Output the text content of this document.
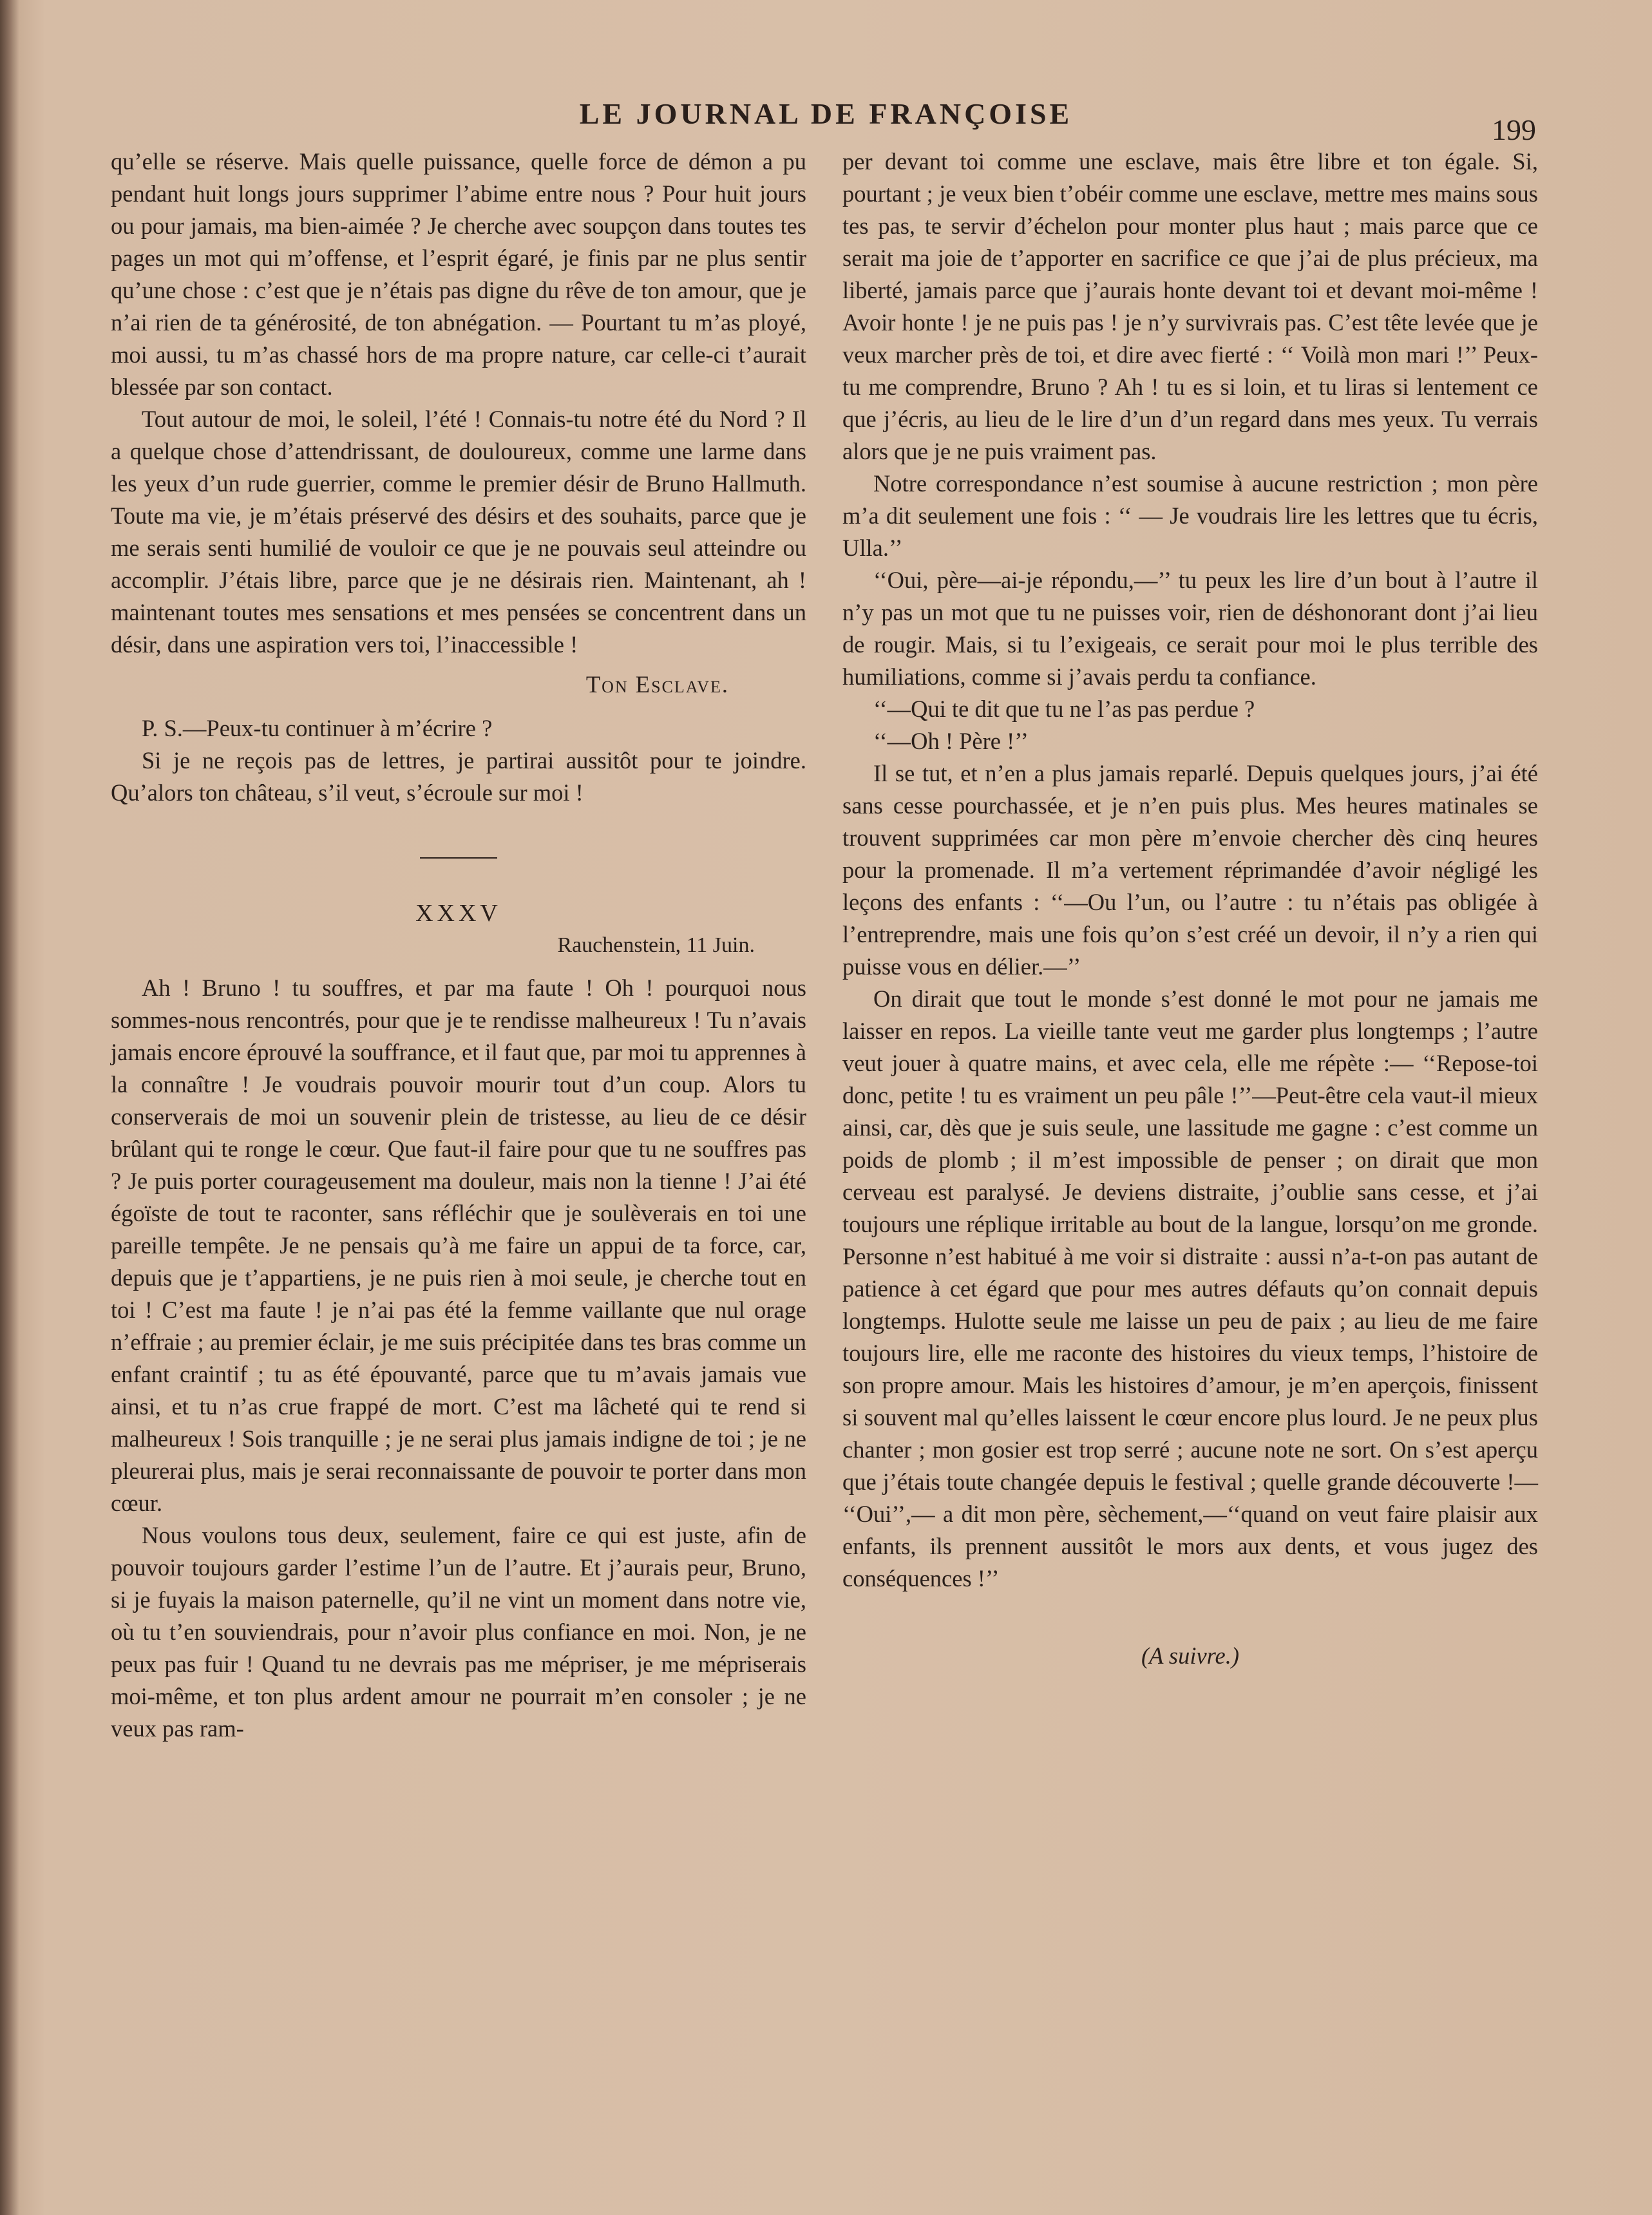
LE JOURNAL DE FRANÇOISE	199

qu’elle se réserve. Mais quelle puissance, quelle force de démon a pu pendant huit longs jours supprimer l’abime entre nous ? Pour huit jours ou pour jamais, ma bien-aimée ? Je cherche avec soupçon dans toutes tes pages un mot qui m’offense, et l’esprit égaré, je finis par ne plus sentir qu’une chose : c’est que je n’étais pas digne du rêve de ton amour, que je n’ai rien de ta générosité, de ton abnégation. — Pourtant tu m’as ployé, moi aussi, tu m’as chassé hors de ma propre nature, car celle-ci t’aurait blessée par son contact.

Tout autour de moi, le soleil, l’été ! Connais-tu notre été du Nord ? Il a quelque chose d’attendrissant, de douloureux, comme une larme dans les yeux d’un rude guerrier, comme le premier désir de Bruno Hallmuth. Toute ma vie, je m’étais préservé des désirs et des souhaits, parce que je me serais senti humilié de vouloir ce que je ne pouvais seul atteindre ou accomplir. J’étais libre, parce que je ne désirais rien. Maintenant, ah ! maintenant toutes mes sensations et mes pensées se concentrent dans un désir, dans une aspiration vers toi, l’inaccessible !

Ton Esclave.

P. S.—Peux-tu continuer à m’écrire ?

Si je ne reçois pas de lettres, je partirai aussitôt pour te joindre. Qu’alors ton château, s’il veut, s’écroule sur moi !

XXXV

Rauchenstein, 11 Juin.

Ah ! Bruno ! tu souffres, et par ma faute ! Oh ! pourquoi nous sommes-nous rencontrés, pour que je te rendisse malheureux ! Tu n’avais jamais encore éprouvé la souffrance, et il faut que, par moi tu apprennes à la connaître ! Je voudrais pouvoir mourir tout d’un coup. Alors tu conserverais de moi un souvenir plein de tristesse, au lieu de ce désir brûlant qui te ronge le cœur. Que faut-il faire pour que tu ne souffres pas ? Je puis porter courageusement ma douleur, mais non la tienne ! J’ai été égoïste de tout te raconter, sans réfléchir que je soulèverais en toi une pareille tempête. Je ne pensais qu’à me faire un appui de ta force, car, depuis que je t’appartiens, je ne puis rien à moi seule, je cherche tout en toi ! C’est ma faute ! je n’ai pas été la femme vaillante que nul orage n’effraie ; au premier éclair, je me suis précipitée dans tes bras comme un enfant craintif ; tu as été épouvanté, parce que tu m’avais jamais vue ainsi, et tu n’as crue frappé de mort. C’est ma lâcheté qui te rend si malheureux ! Sois tranquille ; je ne serai plus jamais indigne de toi ; je ne pleurerai plus, mais je serai reconnaissante de pouvoir te porter dans mon cœur.

Nous voulons tous deux, seulement, faire ce qui est juste, afin de pouvoir toujours garder l’estime l’un de l’autre. Et j’aurais peur, Bruno, si je fuyais la maison paternelle, qu’il ne vint un moment dans notre vie, où tu t’en souviendrais, pour n’avoir plus confiance en moi. Non, je ne peux pas fuir ! Quand tu ne devrais pas me mépriser, je me mépriserais moi-même, et ton plus ardent amour ne pourrait m’en consoler ; je ne veux pas ram-

per devant toi comme une esclave, mais être libre et ton égale. Si, pourtant ; je veux bien t’obéir comme une esclave, mettre mes mains sous tes pas, te servir d’échelon pour monter plus haut ; mais parce que ce serait ma joie de t’apporter en sacrifice ce que j’ai de plus précieux, ma liberté, jamais parce que j’aurais honte devant toi et devant moi-même ! Avoir honte ! je ne puis pas ! je n’y survivrais pas. C’est tête levée que je veux marcher près de toi, et dire avec fierté : ‘‘ Voilà mon mari !’’ Peux-tu me comprendre, Bruno ? Ah ! tu es si loin, et tu liras si lentement ce que j’écris, au lieu de le lire d’un d’un regard dans mes yeux. Tu verrais alors que je ne puis vraiment pas.

Notre correspondance n’est soumise à aucune restriction ; mon père m’a dit seulement une fois : ‘‘ — Je voudrais lire les lettres que tu écris, Ulla.’’

‘‘Oui, père—ai-je répondu,—’’ tu peux les lire d’un bout à l’autre il n’y pas un mot que tu ne puisses voir, rien de déshonorant dont j’ai lieu de rougir. Mais, si tu l’exigeais, ce serait pour moi le plus terrible des humiliations, comme si j’avais perdu ta confiance.

‘‘—Qui te dit que tu ne l’as pas perdue ?

‘‘—Oh ! Père !’’

Il se tut, et n’en a plus jamais reparlé. Depuis quelques jours, j’ai été sans cesse pourchassée, et je n’en puis plus. Mes heures matinales se trouvent supprimées car mon père m’envoie chercher dès cinq heures pour la promenade. Il m’a vertement réprimandée d’avoir négligé les leçons des enfants : ‘‘—Ou l’un, ou l’autre : tu n’étais pas obligée à l’entreprendre, mais une fois qu’on s’est créé un devoir, il n’y a rien qui puisse vous en délier.—’’

On dirait que tout le monde s’est donné le mot pour ne jamais me laisser en repos. La vieille tante veut me garder plus longtemps ; l’autre veut jouer à quatre mains, et avec cela, elle me répète :— ‘‘Repose-toi donc, petite ! tu es vraiment un peu pâle !’’—Peut-être cela vaut-il mieux ainsi, car, dès que je suis seule, une lassitude me gagne : c’est comme un poids de plomb ; il m’est impossible de penser ; on dirait que mon cerveau est paralysé. Je deviens distraite, j’oublie sans cesse, et j’ai toujours une réplique irritable au bout de la langue, lorsqu’on me gronde. Personne n’est habitué à me voir si distraite : aussi n’a-t-on pas autant de patience à cet égard que pour mes autres défauts qu’on connait depuis longtemps. Hulotte seule me laisse un peu de paix ; au lieu de me faire toujours lire, elle me raconte des histoires du vieux temps, l’histoire de son propre amour. Mais les histoires d’amour, je m’en aperçois, finissent si souvent mal qu’elles laissent le cœur encore plus lourd. Je ne peux plus chanter ; mon gosier est trop serré ; aucune note ne sort. On s’est aperçu que j’étais toute changée depuis le festival ; quelle grande découverte !— ‘‘Oui’’,— a dit mon père, sèchement,—‘‘quand on veut faire plaisir aux enfants, ils prennent aussitôt le mors aux dents, et vous jugez des conséquences !’’

(A suivre.)
